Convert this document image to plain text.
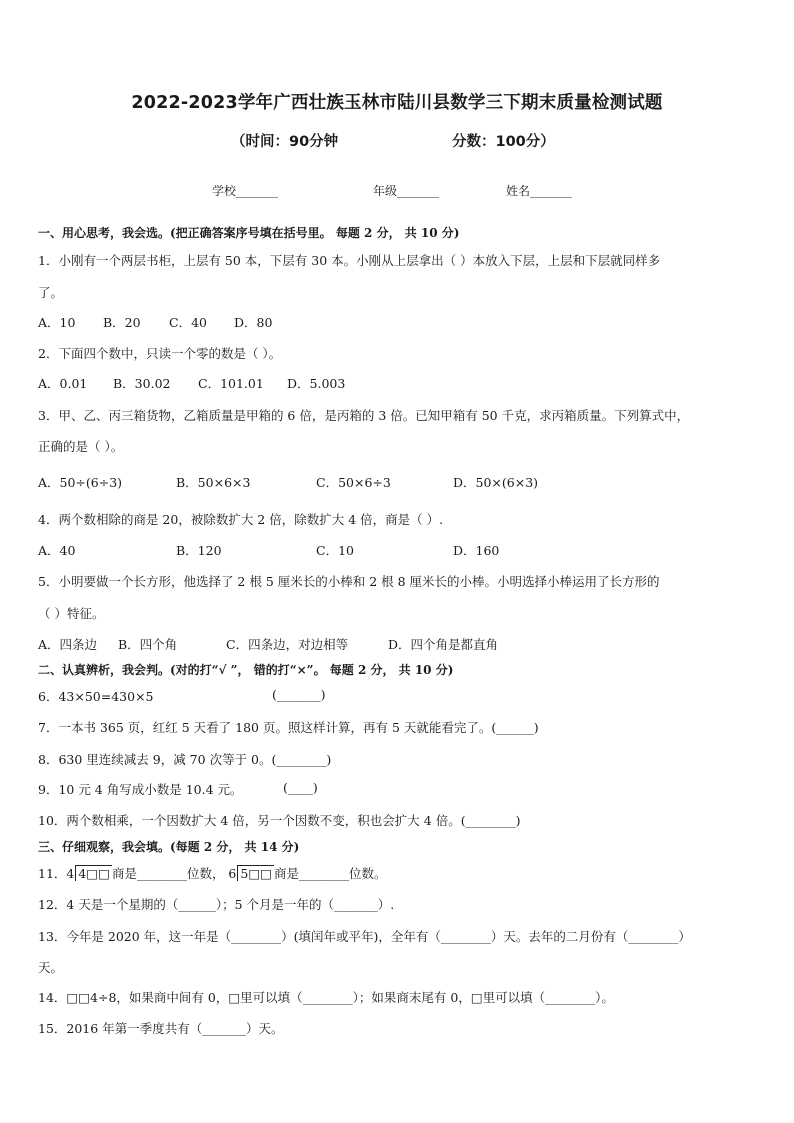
2022-2023学年广西壮族玉林市陆川县数学三下期末质量检测试题
（时间：90分钟	分数：100分）
学校_______	年级_______	姓名_______
一、用心思考，我会选。(把正确答案序号填在括号里。 每题 2 分， 共 10 分)
1．小刚有一个两层书柜，上层有 50 本，下层有 30 本。小刚从上层拿出（ ）本放入下层，上层和下层就同样多
了。
A．10 B．20 C．40 D．80
2．下面四个数中，只读一个零的数是（ ）。
A．0.01 B．30.02 C．101.01 D．5.003
3．甲、乙、丙三箱货物，乙箱质量是甲箱的 6 倍，是丙箱的 3 倍。已知甲箱有 50 千克，求丙箱质量。下列算式中，
正确的是（ ）。
A．50÷(6÷3)	B．50×6×3	C．50×6÷3	D．50×(6×3)
4．两个数相除的商是 20，被除数扩大 2 倍，除数扩大 4 倍，商是（ ）.
A．40	B．120	C．10	D．160
5．小明要做一个长方形，他选择了 2 根 5 厘米长的小棒和 2 根 8 厘米长的小棒。小明选择小棒运用了长方形的
（ ）特征。
A．四条边 B．四个角	C．四条边，对边相等	D．四个角是都直角
二、认真辨析，我会判。(对的打“√ ”， 错的打“×”。 每题 2 分， 共 10 分)
6．43×50=430×5	(_______)
7．一本书 365 页，红红 5 天看了 180 页。照这样计算，再有 5 天就能看完了。(______)
8．630 里连续减去 9，减 70 次等于 0。(________)
9．10 元 4 角写成小数是 10.4 元。	(____)
10．两个数相乘，一个因数扩大 4 倍，另一个因数不变，积也会扩大 4 倍。(________)
三、仔细观察，我会填。(每题 2 分， 共 14 分)
11．4 4□□ 商是________位数， 6 5□□ 商是________位数。
12．4 天是一个星期的（______）；5 个月是一年的（_______）.
13．今年是 2020 年，这一年是（________）(填闰年或平年)，全年有（________）天。去年的二月份有（________）
天。
14．□□4÷8，如果商中间有 0，□里可以填（________）；如果商末尾有 0，□里可以填（________）。
15．2016 年第一季度共有（_______）天。
